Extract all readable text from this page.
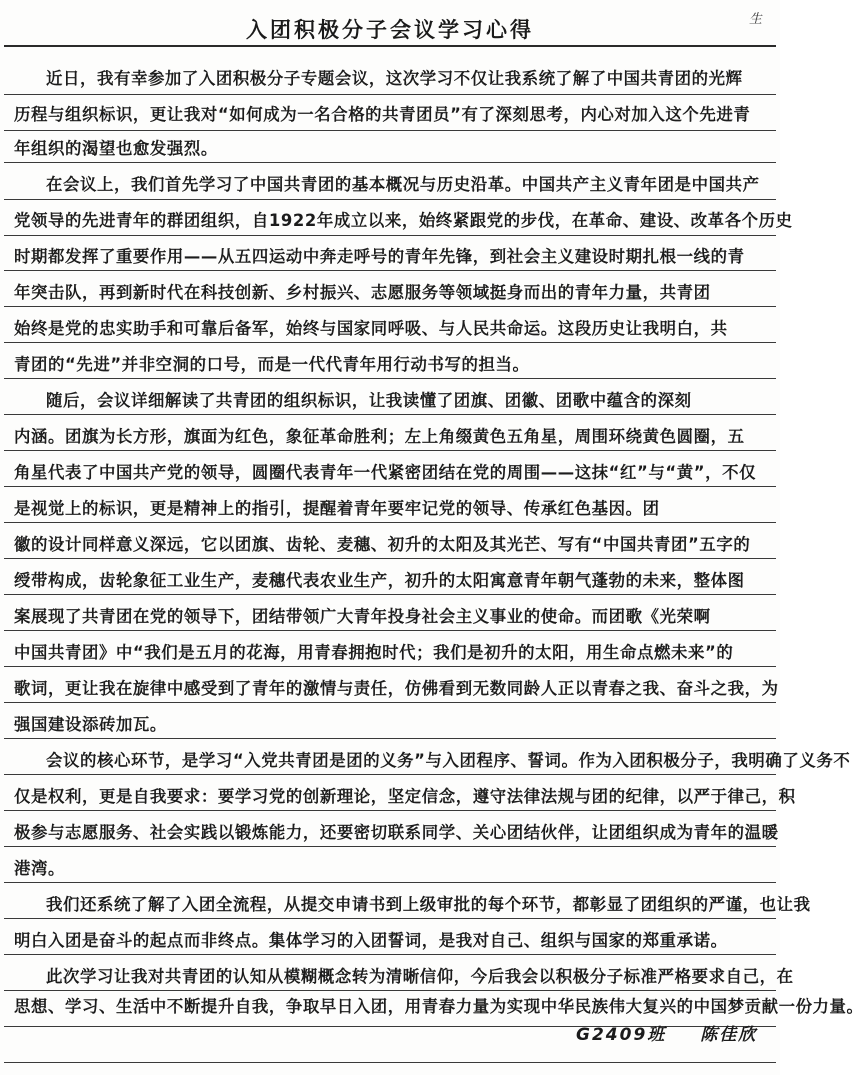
生
入团积极分子会议学习心得
近日，我有幸参加了入团积极分子专题会议，这次学习不仅让我系统了解了中国共青团的光辉
历程与组织标识，更让我对“如何成为一名合格的共青团员”有了深刻思考，内心对加入这个先进青
年组织的渴望也愈发强烈。
在会议上，我们首先学习了中国共青团的基本概况与历史沿革。中国共产主义青年团是中国共产
党领导的先进青年的群团组织，自1922年成立以来，始终紧跟党的步伐，在革命、建设、改革各个历史
时期都发挥了重要作用——从五四运动中奔走呼号的青年先锋，到社会主义建设时期扎根一线的青
年突击队，再到新时代在科技创新、乡村振兴、志愿服务等领域挺身而出的青年力量，共青团
始终是党的忠实助手和可靠后备军，始终与国家同呼吸、与人民共命运。这段历史让我明白，共
青团的“先进”并非空洞的口号，而是一代代青年用行动书写的担当。
随后，会议详细解读了共青团的组织标识，让我读懂了团旗、团徽、团歌中蕴含的深刻
内涵。团旗为长方形，旗面为红色，象征革命胜利；左上角缀黄色五角星，周围环绕黄色圆圈，五
角星代表了中国共产党的领导，圆圈代表青年一代紧密团结在党的周围——这抹“红”与“黄”，不仅
是视觉上的标识，更是精神上的指引，提醒着青年要牢记党的领导、传承红色基因。团
徽的设计同样意义深远，它以团旗、齿轮、麦穗、初升的太阳及其光芒、写有“中国共青团”五字的
绶带构成，齿轮象征工业生产，麦穗代表农业生产，初升的太阳寓意青年朝气蓬勃的未来，整体图
案展现了共青团在党的领导下，团结带领广大青年投身社会主义事业的使命。而团歌《光荣啊
中国共青团》中“我们是五月的花海，用青春拥抱时代；我们是初升的太阳，用生命点燃未来”的
歌词，更让我在旋律中感受到了青年的激情与责任，仿佛看到无数同龄人正以青春之我、奋斗之我，为
强国建设添砖加瓦。
会议的核心环节，是学习“入党共青团是团的义务”与入团程序、誓词。作为入团积极分子，我明确了义务不
仅是权利，更是自我要求：要学习党的创新理论，坚定信念，遵守法律法规与团的纪律，以严于律己，积
极参与志愿服务、社会实践以锻炼能力，还要密切联系同学、关心团结伙伴，让团组织成为青年的温暖
港湾。
我们还系统了解了入团全流程，从提交申请书到上级审批的每个环节，都彰显了团组织的严谨，也让我
明白入团是奋斗的起点而非终点。集体学习的入团誓词，是我对自己、组织与国家的郑重承诺。
此次学习让我对共青团的认知从模糊概念转为清晰信仰，今后我会以积极分子标准严格要求自己，在
思想、学习、生活中不断提升自我，争取早日入团，用青春力量为实现中华民族伟大复兴的中国梦贡献一份力量。
G2409班 陈佳欣
